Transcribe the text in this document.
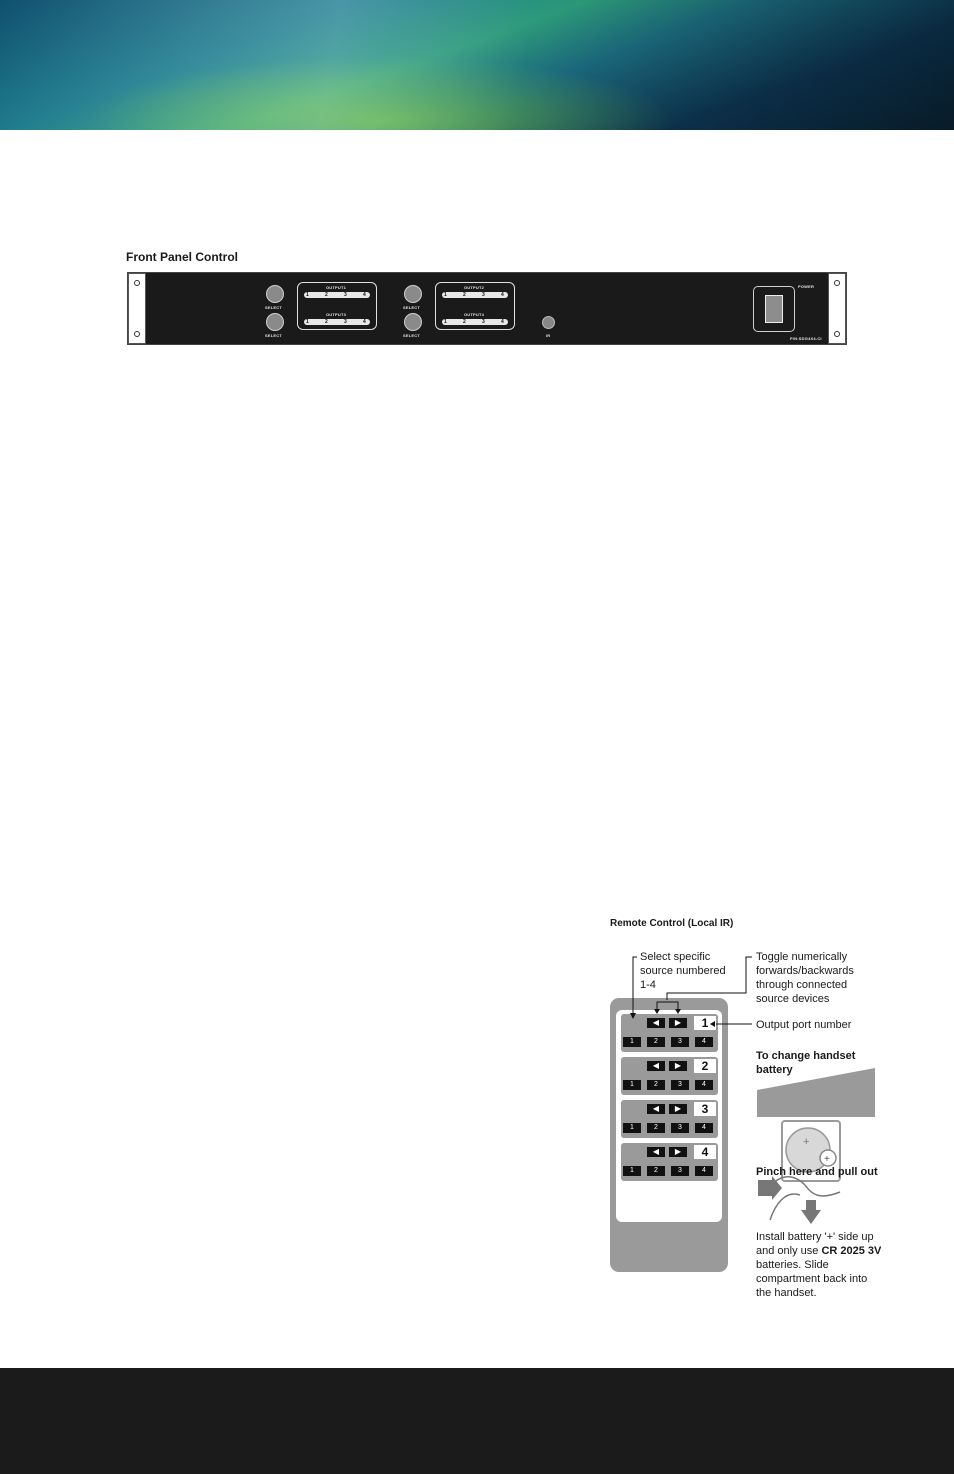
Front Panel Control
SELECT
SELECT
OUTPUT1
1	2	3	4
OUTPUT3
1	2	3	4
SELECT
SELECT
OUTPUT2
1	2	3	4
OUTPUT4
1	2	3	4
IR
POWER
P/N:SDG4X4-CI
Remote Control (Local IR)
◀	▶	1
1	2	3	4
◀	▶	2
1	2	3	4
◀	▶	3
1	2	3	4
◀	▶	4
1	2	3	4
+
+
Select specific
source numbered
1-4
Toggle numerically
forwards/backwards
through connected
source devices
Output port number
To change handset
battery
Pinch here and pull out
Install battery '+' side up
and only use CR 2025 3V
batteries. Slide
compartment back into
the handset.
